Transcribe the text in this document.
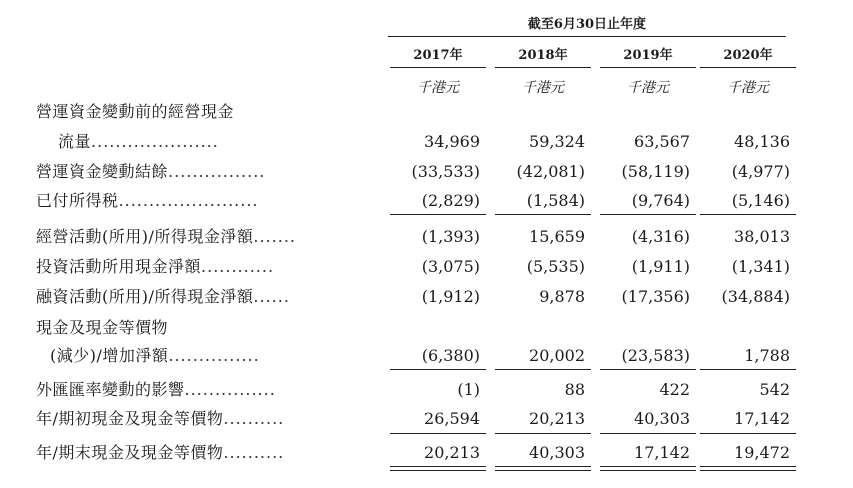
截至6月30日止年度
2017年	2018年	2019年	2020年
千港元	千港元	千港元	千港元
營運資金變動前的經營現金
流量.....................	34,969	59,324	63,567	48,136
營運資金變動結餘................	(33,533)	(42,081)	(58,119)	(4,977)
已付所得税.......................	(2,829)	(1,584)	(9,764)	(5,146)
經營活動(所用)/所得現金淨額.......	(1,393)	15,659	(4,316)	38,013
投資活動所用現金淨額............	(3,075)	(5,535)	(1,911)	(1,341)
融資活動(所用)/所得現金淨額......	(1,912)	9,878	(17,356)	(34,884)
現金及現金等價物
(減少)/增加淨額...............	(6,380)	20,002	(23,583)	1,788
外匯匯率變動的影響...............	(1)	88	422	542
年/期初現金及現金等價物..........	26,594	20,213	40,303	17,142
年/期末現金及現金等價物..........	20,213	40,303	17,142	19,472
